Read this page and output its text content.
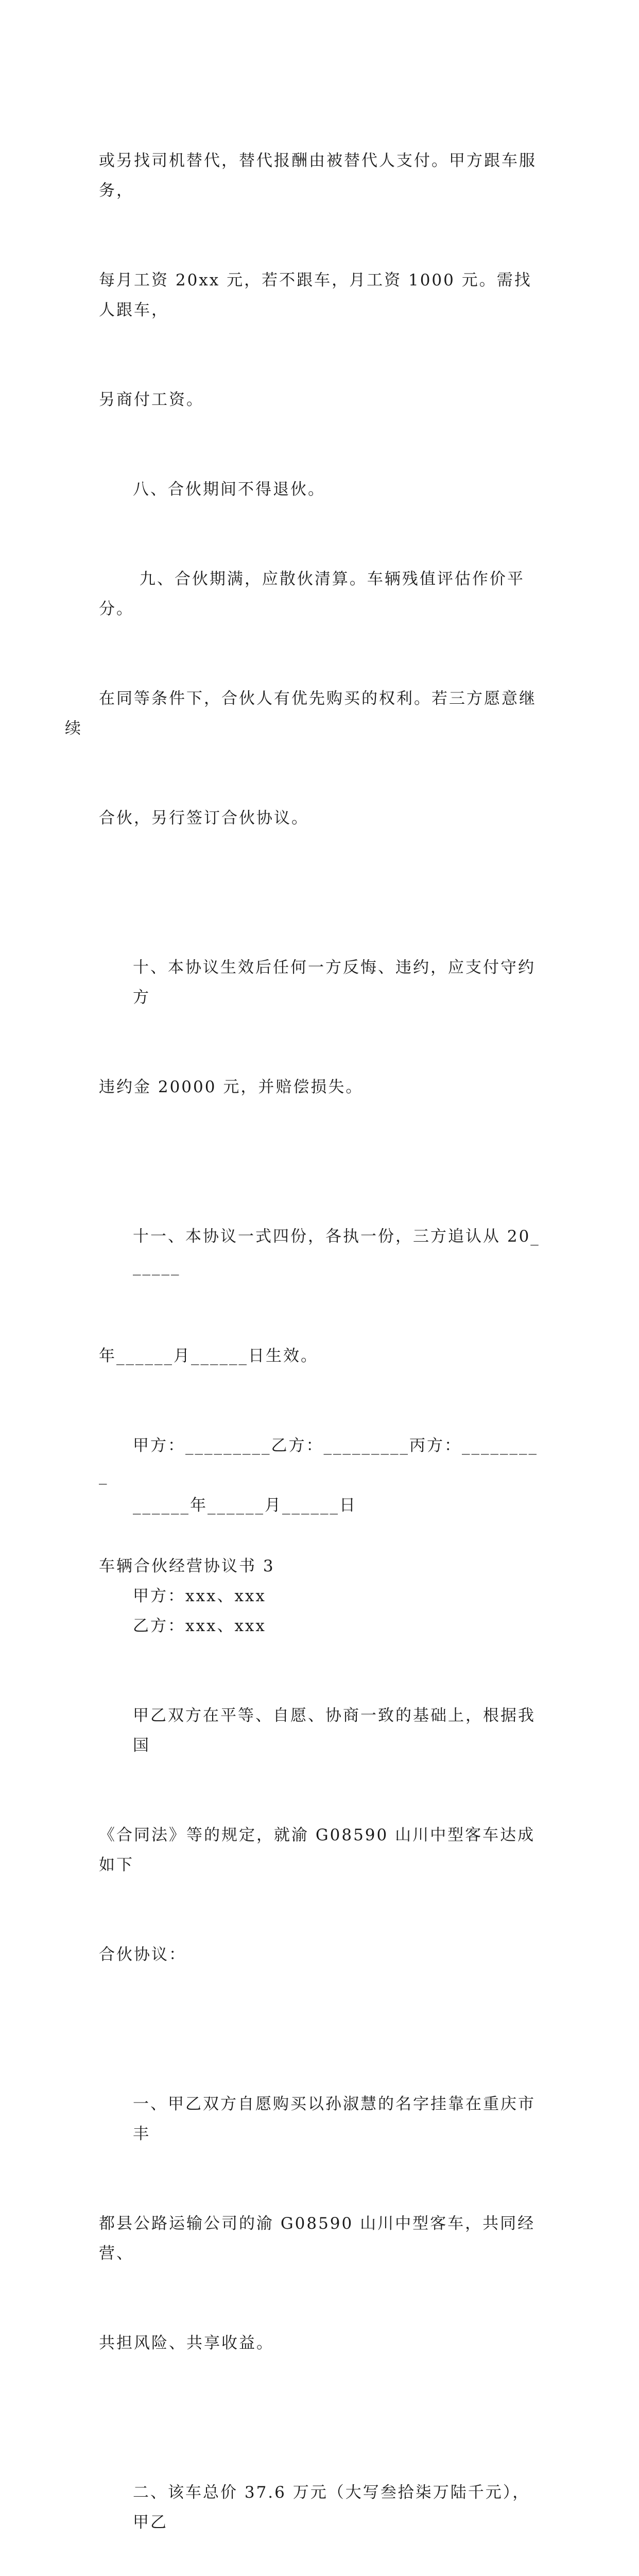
或另找司机替代，替代报酬由被替代人支付。甲方跟车服务，

每月工资 20xx 元，若不跟车，月工资 1000 元。需找人跟车，

另商付工资。

八、合伙期间不得退伙。

九、合伙期满，应散伙清算。车辆残值评估作价平分。

在同等条件下，合伙人有优先购买的权利。若三方愿意继续

合伙，另行签订合伙协议。

十、本协议生效后任何一方反悔、违约，应支付守约方

违约金 20000 元，并赔偿损失。

十一、本协议一式四份，各执一份，三方追认从 20______

年______月______日生效。

甲方：_________乙方：_________丙方：_________

______年______月______日

车辆合伙经营协议书 3

甲方：xxx、xxx

乙方：xxx、xxx

甲乙双方在平等、自愿、协商一致的基础上，根据我国

《合同法》等的规定，就渝 G08590 山川中型客车达成如下

合伙协议：

一、甲乙双方自愿购买以孙淑慧的名字挂靠在重庆市丰

都县公路运输公司的渝 G08590 山川中型客车，共同经营、

共担风险、共享收益。

二、该车总价 37.6 万元（大写叁拾柒万陆千元），甲乙
